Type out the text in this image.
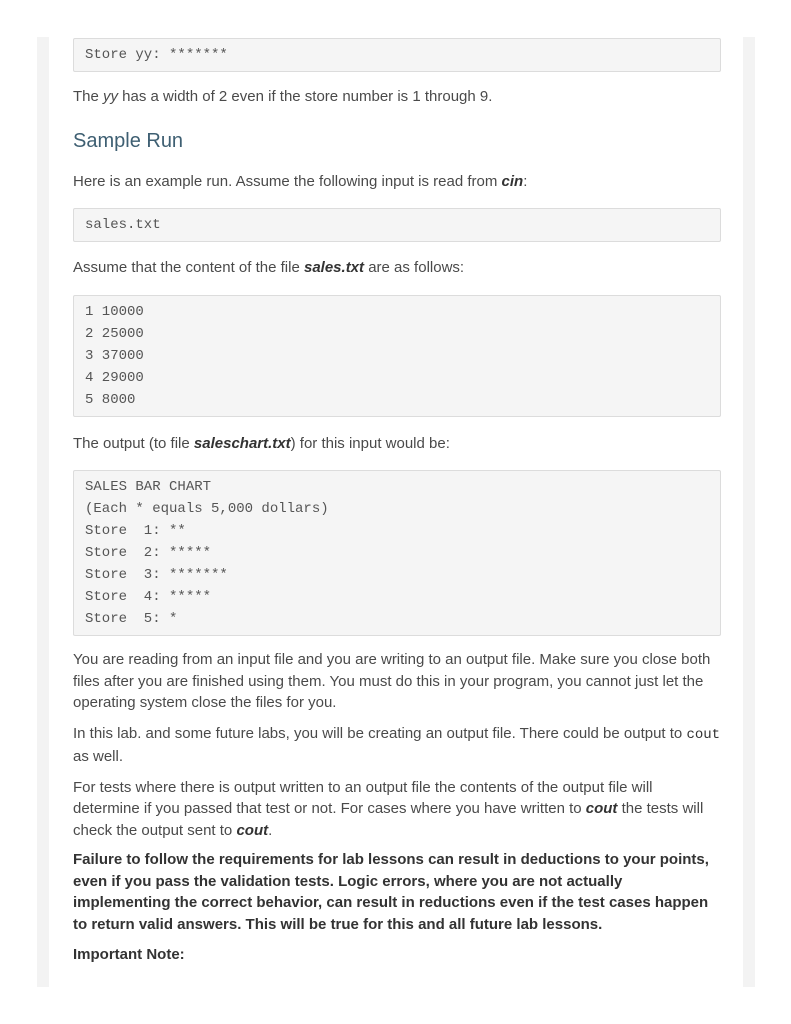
Store yy: *******

The yy has a width of 2 even if the store number is 1 through 9.

Sample Run

Here is an example run. Assume the following input is read from cin:

sales.txt

Assume that the content of the file sales.txt are as follows:

1 10000
2 25000
3 37000
4 29000
5 8000

The output (to file saleschart.txt) for this input would be:

SALES BAR CHART
(Each * equals 5,000 dollars)
Store  1: **
Store  2: *****
Store  3: *******
Store  4: *****
Store  5: *

You are reading from an input file and you are writing to an output file. Make sure you close both files after you are finished using them. You must do this in your program, you cannot just let the operating system close the files for you.

In this lab. and some future labs, you will be creating an output file. There could be output to cout as well.

For tests where there is output written to an output file the contents of the output file will determine if you passed that test or not. For cases where you have written to cout the tests will check the output sent to cout.

Failure to follow the requirements for lab lessons can result in deductions to your points, even if you pass the validation tests. Logic errors, where you are not actually implementing the correct behavior, can result in reductions even if the test cases happen to return valid answers. This will be true for this and all future lab lessons.

Important Note:
